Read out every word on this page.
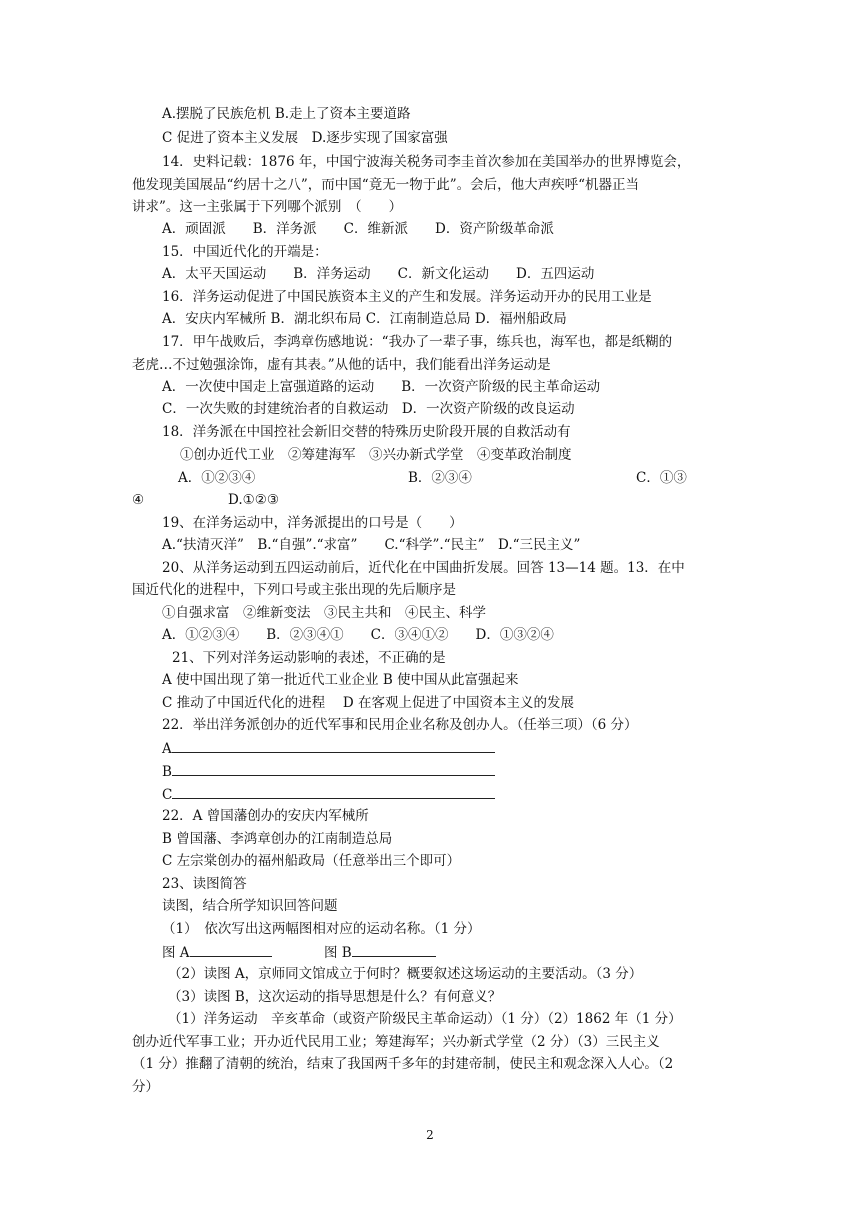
A.摆脱了民族危机 B.走上了资本主要道路
C 促进了资本主义发展　D.逐步实现了国家富强
14．史料记载：1876 年，中国宁波海关税务司李圭首次参加在美国举办的世界博览会，
他发现美国展品“约居十之八”，而中国“竟无一物于此”。会后，他大声疾呼“机器正当
讲求”。这一主张属于下列哪个派别　（　　）
A．顽固派　　B．洋务派　　C．维新派　　D．资产阶级革命派
15．中国近代化的开端是：
A．太平天国运动　　B．洋务运动　　C．新文化运动　　D．五四运动
16．洋务运动促进了中国民族资本主义的产生和发展。洋务运动开办的民用工业是
A．安庆内军械所 B．湖北织布局 C．江南制造总局 D．福州船政局
17．甲午战败后，李鸿章伤感地说：“我办了一辈子事，练兵也，海军也，都是纸糊的
老虎…不过勉强涂饰，虚有其表。”从他的话中，我们能看出洋务运动是
A．一次使中国走上富强道路的运动　　B．一次资产阶级的民主革命运动
C．一次失败的封建统治者的自救运动　D．一次资产阶级的改良运动
18．洋务派在中国控社会新旧交替的特殊历史阶段开展的自救活动有
①创办近代工业　②筹建海军　③兴办新式学堂　④变革政治制度
A．①②③④	B．②③④	C．①③
④	D.①②③
19、在洋务运动中，洋务派提出的口号是（　　）
A.“扶清灭洋”　B.“自强”.“求富”　　C.“科学”.“民主”　D.“三民主义”
20、从洋务运动到五四运动前后，近代化在中国曲折发展。回答 13—14 题。13．在中
国近代化的进程中，下列口号或主张出现的先后顺序是
①自强求富　②维新变法　③民主共和　④民主、科学
A．①②③④　　B．②③④①　　C．③④①②　　D．①③②④
21、下列对洋务运动影响的表述，不正确的是
A 使中国出现了第一批近代工业企业 B 使中国从此富强起来
C 推动了中国近代化的进程　 D 在客观上促进了中国资本主义的发展
22．举出洋务派创办的近代军事和民用企业名称及创办人。（任举三项）（6 分）
A
B
C
22．A 曾国藩创办的安庆内军械所
B 曾国藩、李鸿章创办的江南制造总局
C 左宗棠创办的福州船政局（任意举出三个即可）
23、读图简答
读图，结合所学知识回答问题
（1）　依次写出这两幅图相对应的运动名称。（1 分）
图 A	图 B
（2）读图 A，京师同文馆成立于何时？概要叙述这场运动的主要活动。（3 分）
（3）读图 B，这次运动的指导思想是什么？有何意义？
（1）洋务运动　辛亥革命（或资产阶级民主革命运动）（1 分）（2）1862 年（1 分）
创办近代军事工业；开办近代民用工业；筹建海军；兴办新式学堂（2 分）（3）三民主义
（1 分）推翻了清朝的统治，结束了我国两千多年的封建帝制，使民主和观念深入人心。（2
分）
2
